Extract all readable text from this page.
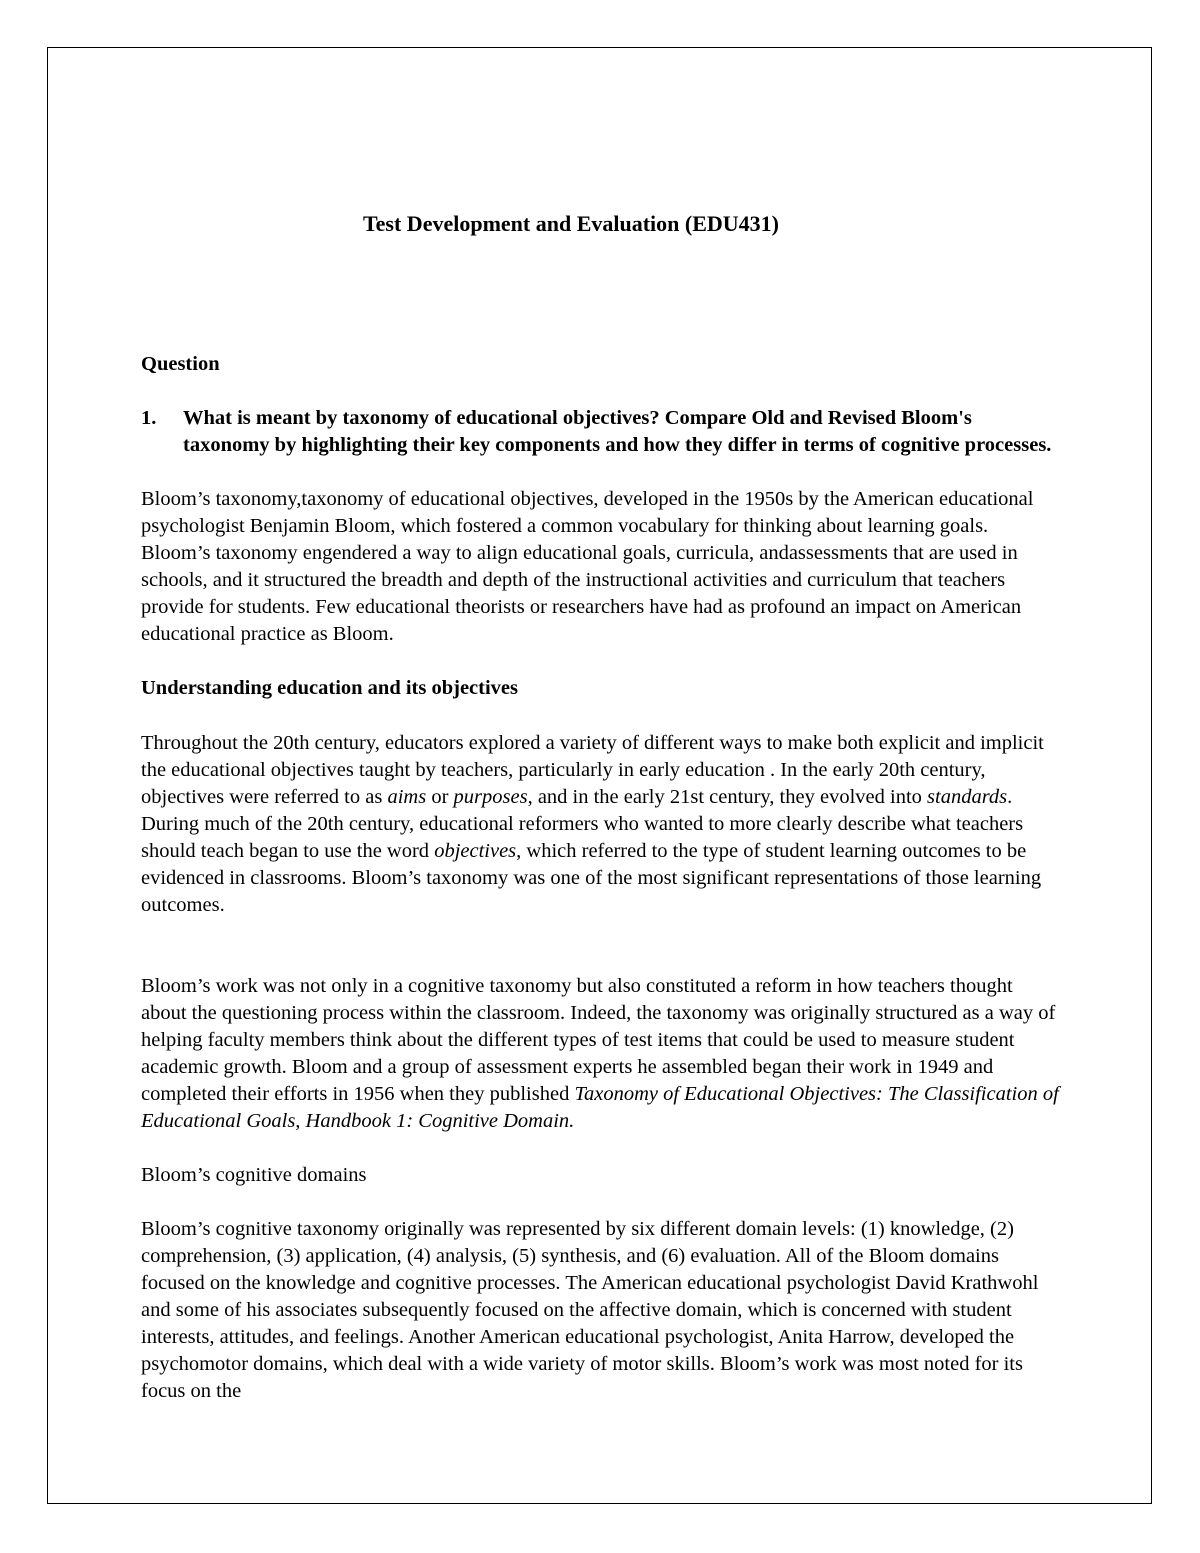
Test Development and Evaluation (EDU431)

Question

1.	What is meant by taxonomy of educational objectives? Compare Old and Revised Bloom's taxonomy by highlighting their key components and how they differ in terms of cognitive processes.

Bloom’s taxonomy,taxonomy of educational objectives, developed in the 1950s by the American educational psychologist Benjamin Bloom, which fostered a common vocabulary for thinking about learning goals. Bloom’s taxonomy engendered a way to align educational goals, curricula, andassessments that are used in schools, and it structured the breadth and depth of the instructional activities and curriculum that teachers provide for students. Few educational theorists or researchers have had as profound an impact on American educational practice as Bloom.

Understanding education and its objectives

Throughout the 20th century, educators explored a variety of different ways to make both explicit and implicit the educational objectives taught by teachers, particularly in early education . In the early 20th century, objectives were referred to as aims or purposes, and in the early 21st century, they evolved into standards. During much of the 20th century, educational reformers who wanted to more clearly describe what teachers should teach began to use the word objectives, which referred to the type of student learning outcomes to be evidenced in classrooms. Bloom’s taxonomy was one of the most significant representations of those learning outcomes.

Bloom’s work was not only in a cognitive taxonomy but also constituted a reform in how teachers thought about the questioning process within the classroom. Indeed, the taxonomy was originally structured as a way of helping faculty members think about the different types of test items that could be used to measure student academic growth. Bloom and a group of assessment experts he assembled began their work in 1949 and completed their efforts in 1956 when they published Taxonomy of Educational Objectives: The Classification of Educational Goals, Handbook 1: Cognitive Domain.

Bloom’s cognitive domains

Bloom’s cognitive taxonomy originally was represented by six different domain levels: (1) knowledge, (2) comprehension, (3) application, (4) analysis, (5) synthesis, and (6) evaluation. All of the Bloom domains focused on the knowledge and cognitive processes. The American educational psychologist David Krathwohl and some of his associates subsequently focused on the affective domain, which is concerned with student interests, attitudes, and feelings. Another American educational psychologist, Anita Harrow, developed the psychomotor domains, which deal with a wide variety of motor skills. Bloom’s work was most noted for its focus on the
